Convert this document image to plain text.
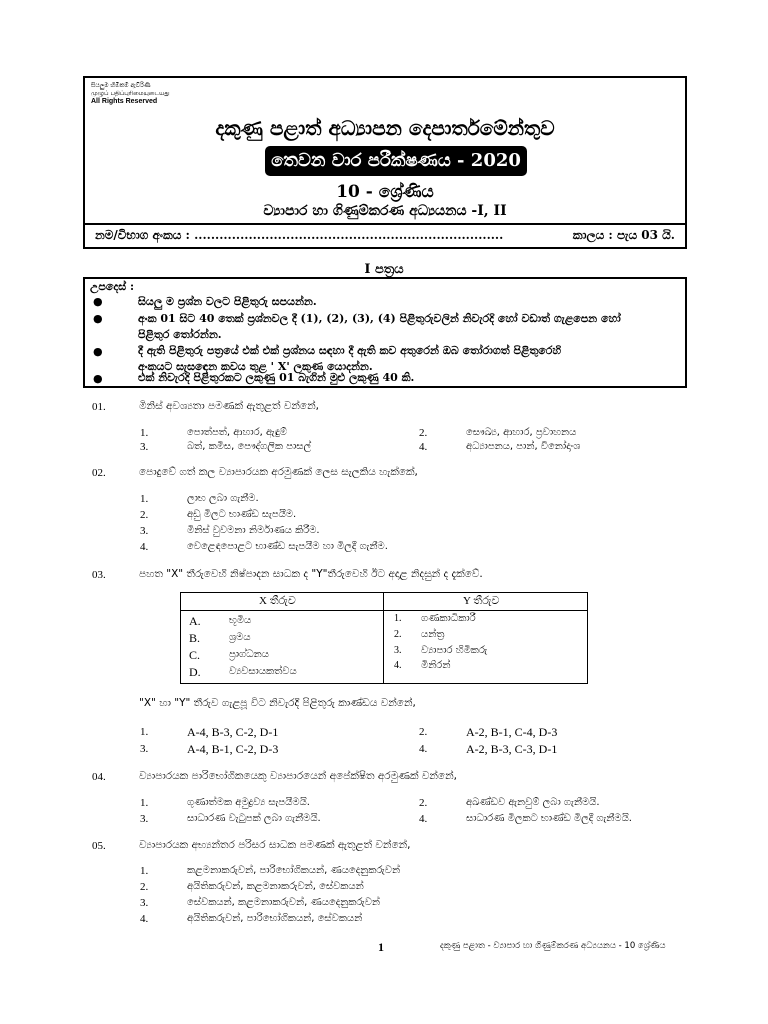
සියලුම හිමිකම් ඇවිරිණි
முழுப் பதிப்புரிமையுடையது
All Rights Reserved
දකුණු පළාත් අධ්‍යාපන දෙපාර්තමේන්තුව
තෙවන වාර පරීක්ෂණය - 2020
10 - ශ්‍රේණිය
ව්‍යාපාර හා ගිණුම්කරණ අධ්‍යයනය -I, II
නම/විභාග අංකය : ..........................................................................	කාලය : පැය 03 යි.
I පත්‍රය
උපදෙස් :
●	සියලු ම ප්‍රශ්න වලට පිළිතුරු සපයන්න.
●	අංක 01 සිට 40 තෙක් ප්‍රශ්නවල දී (1), (2), (3), (4) පිළිතුරුවලින් නිවැරදි හෝ වඩාත් ගැළපෙන හෝ
පිළිතුර තෝරන්න.
●	දී ඇති පිළිතුරු පත්‍රයේ එක් එක් ප්‍රශ්නය සඳහා දී ඇති කව අතුරෙන් ඔබ තෝරාගත් පිළිතුරෙහි
අංකයට සැසඳෙන කවය තුළ ' X' ලකුණ යොදන්න.
●	එක් නිවැරදි පිළිතුරකට ලකුණු 01 බැගින් මුළු ලකුණු 40 කි.
01.	මිනිස් අවශ්‍යතා පමණක් ඇතුළත් වන්නේ,
1.	පොත්පත්, ආහාර, ඇඳුම්	2.	සෞඛ්‍ය, ආහාර, ප්‍රවාහනය
3.	බත්, කමිස, පෞද්ගලික පාසල්	4.	අධ්‍යාපනය, පාන්, විනෝදාංශ
02.	පොදුවේ ගත් කල ව්‍යාපාරයක අරමුණක් ලෙස සැලකිය හැක්කේ,
1.	ලාභ ලබා ගැනීම.
2.	අඩු මිලට භාණ්ඩ සැපයීම.
3.	මිනිස් වුවමනා නිර්මාණය කිරීම.
4.	වෙළෙඳපොළට භාණ්ඩ සැපයීම හා මිලදී ගැනීම.
03.	පහත "X" තීරුවෙහි නිෂ්පාදන සාධක ද "Y"තීරුවෙහි ඊට අදාළ නිදසුන් ද දැක්වේ.
X තීරුව	Y තීරුව
A.	භූමිය
B.	ශ්‍රමය
C.	ප්‍රාග්ධනය
D.	ව්‍යවසායකත්වය
1. ගණකාධිකාරී
2. යන්ත්‍ර
3. ව්‍යාපාර හිමිකරු
4. මිනිරන්
"X" හා "Y" තීරුව ගැළපූ විට නිවැරදි පිළිතුරු කාණ්ඩය වන්නේ,
1.	A-4, B-3, C-2, D-1	2.	A-2, B-1, C-4, D-3
3.	A-4, B-1, C-2, D-3	4.	A-2, B-3, C-3, D-1
04.	ව්‍යාපාරයක පාරිභෝගිකයෙකු ව්‍යාපාරයෙන් අපේක්ෂිත අරමුණක් වන්නේ,
1.	ගුණාත්මක අමුද්‍රව්‍ය සැපයීමයි.	2.	අඛණ්ඩව ඇනවුම් ලබා ගැනීමයි.
3.	සාධාරණ වැටුපක් ලබා ගැනීමයි.	4.	සාධාරණ මිලකට භාණ්ඩ මිලදී ගැනීමයි.
05.	ව්‍යාපාරයක අභ්‍යන්තර පරිසර සාධක පමණක් ඇතුළත් වන්නේ,
1.	කළමනාකරුවන්, පාරිභෝගිකයන්, ණයදෙනුකරුවන්
2.	අයිතිකරුවන්, කළමනාකරුවන්, සේවකයන්
3.	සේවකයන්, කළමනාකරුවන්, ණයදෙනුකරුවන්
4.	අයිතිකරුවන්, පාරිභෝගිකයන්, සේවකයන්
1	දකුණු පළාත - ව්‍යාපාර හා ගිණුම්කරණ අධ්‍යයනය - 10 ශ්‍රේණිය
